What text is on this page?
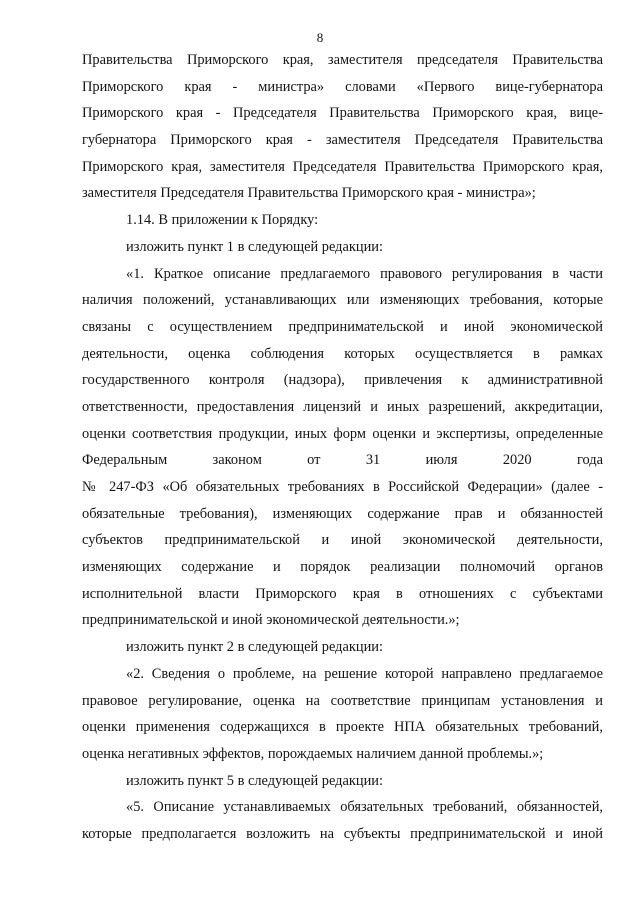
8
Правительства Приморского края, заместителя председателя Правительства
Приморского края - министра» словами «Первого вице-губернатора
Приморского края - Председателя Правительства Приморского края, вице-
губернатора Приморского края - заместителя Председателя Правительства
Приморского края, заместителя Председателя Правительства Приморского края,
заместителя Председателя Правительства Приморского края - министра»;
1.14. В приложении к Порядку:
изложить пункт 1 в следующей редакции:
«1. Краткое описание предлагаемого правового регулирования в части
наличия положений, устанавливающих или изменяющих требования, которые
связаны с осуществлением предпринимательской и иной экономической
деятельности, оценка соблюдения которых осуществляется в рамках
государственного контроля (надзора), привлечения к административной
ответственности, предоставления лицензий и иных разрешений, аккредитации,
оценки соответствия продукции, иных форм оценки и экспертизы, определенные
Федеральным законом от 31 июля 2020 года
№ 247-ФЗ «Об обязательных требованиях в Российской Федерации» (далее -
обязательные требования), изменяющих содержание прав и обязанностей
субъектов предпринимательской и иной экономической деятельности,
изменяющих содержание и порядок реализации полномочий органов
исполнительной власти Приморского края в отношениях с субъектами
предпринимательской и иной экономической деятельности.»;
изложить пункт 2 в следующей редакции:
«2. Сведения о проблеме, на решение которой направлено предлагаемое
правовое регулирование, оценка на соответствие принципам установления и
оценки применения содержащихся в проекте НПА обязательных требований,
оценка негативных эффектов, порождаемых наличием данной проблемы.»;
изложить пункт 5 в следующей редакции:
«5. Описание устанавливаемых обязательных требований, обязанностей,
которые предполагается возложить на субъекты предпринимательской и иной
